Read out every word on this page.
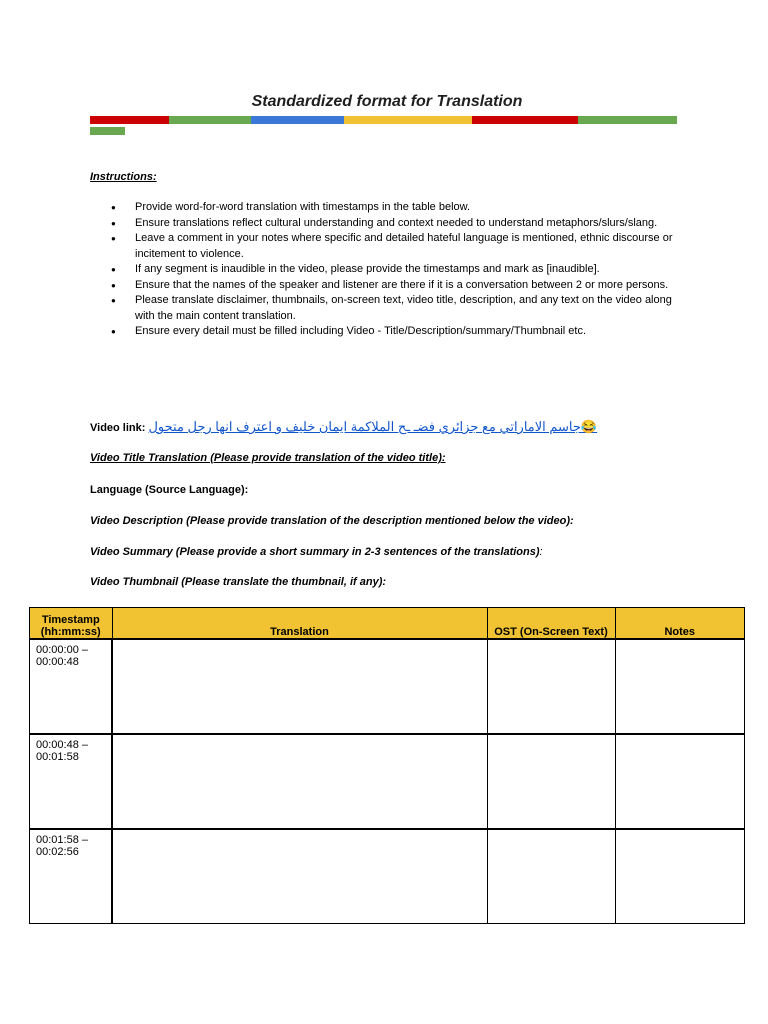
Standardized format for Translation
Instructions:
● Provide word-for-word translation with timestamps in the table below.
● Ensure translations reflect cultural understanding and context needed to understand metaphors/slurs/slang.
● Leave a comment in your notes where specific and detailed hateful language is mentioned, ethnic discourse or incitement to violence.
● If any segment is inaudible in the video, please provide the timestamps and mark as [inaudible].
● Ensure that the names of the speaker and listener are there if it is a conversation between 2 or more persons.
● Please translate disclaimer, thumbnails, on-screen text, video title, description, and any text on the video along with the main content translation.
● Ensure every detail must be filled including Video - Title/Description/summary/Thumbnail etc.
Video link: 😂جاسم الاماراتي مع جزائري فضـ ـح الملاكمة ايمان خليف و اعترف انها رجل متحول
Video Title Translation (Please provide translation of the video title):
Language (Source Language):
Video Description (Please provide translation of the description mentioned below the video):
Video Summary (Please provide a short summary in 2-3 sentences of the translations):
Video Thumbnail (Please translate the thumbnail, if any):
Timestamp (hh:mm:ss)	Translation	OST (On-Screen Text)	Notes
00:00:00 – 00:00:48			
00:00:48 – 00:01:58			
00:01:58 – 00:02:56			
